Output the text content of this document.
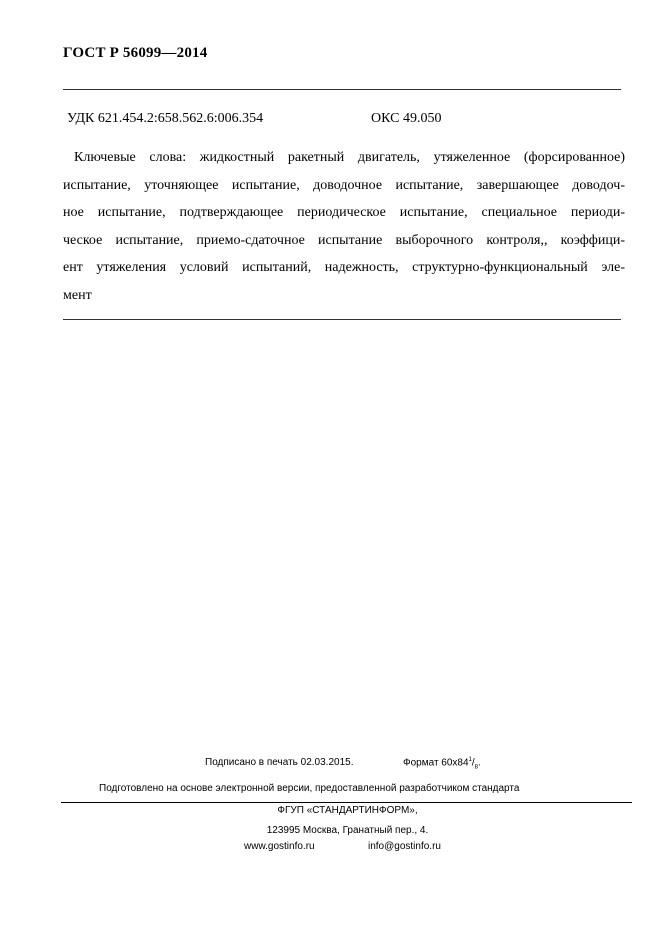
ГОСТ Р 56099—2014
УДК 621.454.2:658.562.6:006.354	ОКС 49.050
Ключевые слова: жидкостный ракетный двигатель, утяжеленное (форсированное)
испытание, уточняющее испытание, доводочное испытание, завершающее доводоч-
ное испытание, подтверждающее периодическое испытание, специальное периоди-
ческое испытание, приемо-сдаточное испытание выборочного контроля,, коэффици-
ент утяжеления условий испытаний, надежность, структурно-функциональный эле-
мент
Подписано в печать 02.03.2015.	Формат $60x84^1/_8$.
Подготовлено на основе электронной версии, предоставленной разработчиком стандарта
ФГУП «СТАНДАРТИНФОРМ»,
123995 Москва, Гранатный пер., 4.
www.gostinfo.ru	info@gostinfo.ru
